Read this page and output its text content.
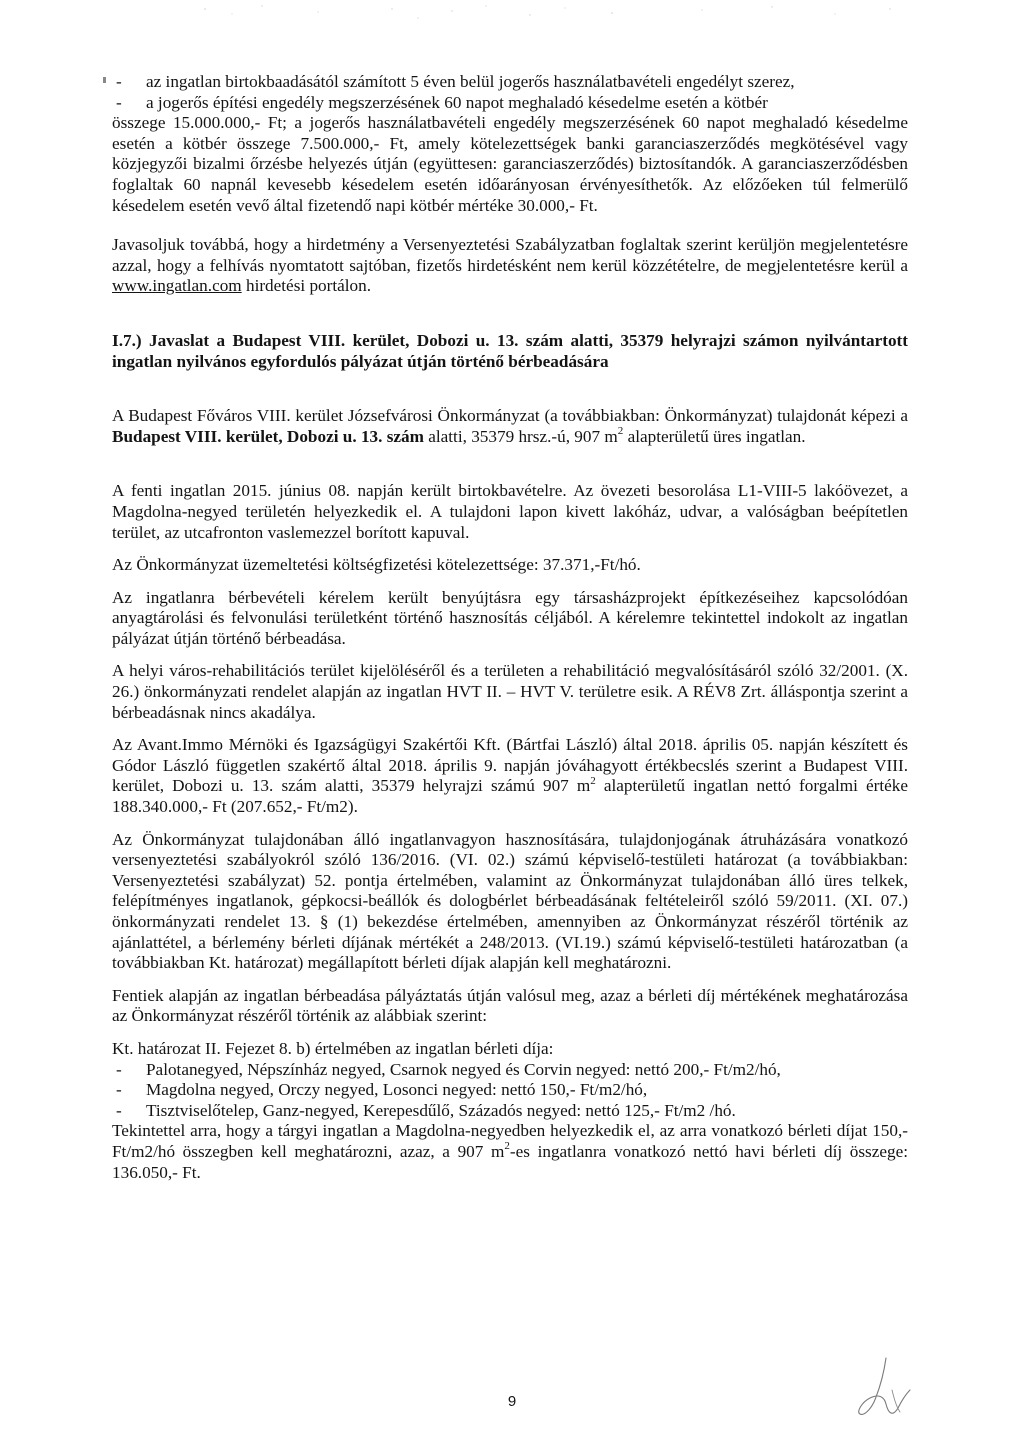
-	az ingatlan birtokbaadásától számított 5 éven belül jogerős használatbavételi engedélyt szerez,
-	a jogerős építési engedély megszerzésének 60 napot meghaladó késedelme esetén a kötbér

összege 15.000.000,- Ft; a jogerős használatbavételi engedély megszerzésének 60 napot meghaladó késedelme esetén a kötbér összege 7.500.000,- Ft, amely kötelezettségek banki garanciaszerződés megkötésével vagy közjegyzői bizalmi őrzésbe helyezés útján (együttesen: garanciaszerződés) biztosítandók. A garanciaszerződésben foglaltak 60 napnál kevesebb késedelem esetén időarányosan érvényesíthetők. Az előzőeken túl felmerülő késedelem esetén vevő által fizetendő napi kötbér mértéke 30.000,- Ft.

Javasoljuk továbbá, hogy a hirdetmény a Versenyeztetési Szabályzatban foglaltak szerint kerüljön megjelentetésre azzal, hogy a felhívás nyomtatott sajtóban, fizetős hirdetésként nem kerül közzétételre, de megjelentetésre kerül a www.ingatlan.com hirdetési portálon.

I.7.) Javaslat a Budapest VIII. kerület, Dobozi u. 13. szám alatti, 35379 helyrajzi számon nyilvántartott ingatlan nyilvános egyfordulós pályázat útján történő bérbeadására

A Budapest Főváros VIII. kerület Józsefvárosi Önkormányzat (a továbbiakban: Önkormányzat) tulajdonát képezi a Budapest VIII. kerület, Dobozi u. 13. szám alatti, 35379 hrsz.-ú, 907 $m^2$ alapterületű üres ingatlan.

A fenti ingatlan 2015. június 08. napján került birtokbavételre. Az övezeti besorolása L1-VIII-5 lakóövezet, a Magdolna-negyed területén helyezkedik el. A tulajdoni lapon kivett lakóház, udvar, a valóságban beépítetlen terület, az utcafronton vaslemezzel borított kapuval.

Az Önkormányzat üzemeltetési költségfizetési kötelezettsége: 37.371,-Ft/hó.

Az ingatlanra bérbevételi kérelem került benyújtásra egy társasházprojekt építkezéseihez kapcsolódóan anyagtárolási és felvonulási területként történő hasznosítás céljából. A kérelemre tekintettel indokolt az ingatlan pályázat útján történő bérbeadása.

A helyi város-rehabilitációs terület kijelöléséről és a területen a rehabilitáció megvalósításáról szóló 32/2001. (X. 26.) önkormányzati rendelet alapján az ingatlan HVT II. – HVT V. területre esik. A RÉV8 Zrt. álláspontja szerint a bérbeadásnak nincs akadálya.

Az Avant.Immo Mérnöki és Igazságügyi Szakértői Kft. (Bártfai László) által 2018. április 05. napján készített és Gódor László független szakértő által 2018. április 9. napján jóváhagyott értékbecslés szerint a Budapest VIII. kerület, Dobozi u. 13. szám alatti, 35379 helyrajzi számú 907 $m^2$ alapterületű ingatlan nettó forgalmi értéke 188.340.000,- Ft (207.652,- Ft/m2).

Az Önkormányzat tulajdonában álló ingatlanvagyon hasznosítására, tulajdonjogának átruházására vonatkozó versenyeztetési szabályokról szóló 136/2016. (VI. 02.) számú képviselő-testületi határozat (a továbbiakban: Versenyeztetési szabályzat) 52. pontja értelmében, valamint az Önkormányzat tulajdonában álló üres telkek, felépítményes ingatlanok, gépkocsi-beállók és dologbérlet bérbeadásának feltételeiről szóló 59/2011. (XI. 07.) önkormányzati rendelet 13. § (1) bekezdése értelmében, amennyiben az Önkormányzat részéről történik az ajánlattétel, a bérlemény bérleti díjának mértékét a 248/2013. (VI.19.) számú képviselő-testületi határozatban (a továbbiakban Kt. határozat) megállapított bérleti díjak alapján kell meghatározni.

Fentiek alapján az ingatlan bérbeadása pályáztatás útján valósul meg, azaz a bérleti díj mértékének meghatározása az Önkormányzat részéről történik az alábbiak szerint:

Kt. határozat II. Fejezet 8. b) értelmében az ingatlan bérleti díja:

-	Palotanegyed, Népszínház negyed, Csarnok negyed és Corvin negyed: nettó 200,- Ft/m2/hó,
-	Magdolna negyed, Orczy negyed, Losonci negyed: nettó 150,- Ft/m2/hó,
-	Tisztviselőtelep, Ganz-negyed, Kerepesdűlő, Századós negyed: nettó 125,- Ft/m2 /hó.

Tekintettel arra, hogy a tárgyi ingatlan a Magdolna-negyedben helyezkedik el, az arra vonatkozó bérleti díjat 150,- Ft/m2/hó összegben kell meghatározni, azaz, a 907 $m^2-es$ ingatlanra vonatkozó nettó havi bérleti díj összege: 136.050,- Ft.

9
